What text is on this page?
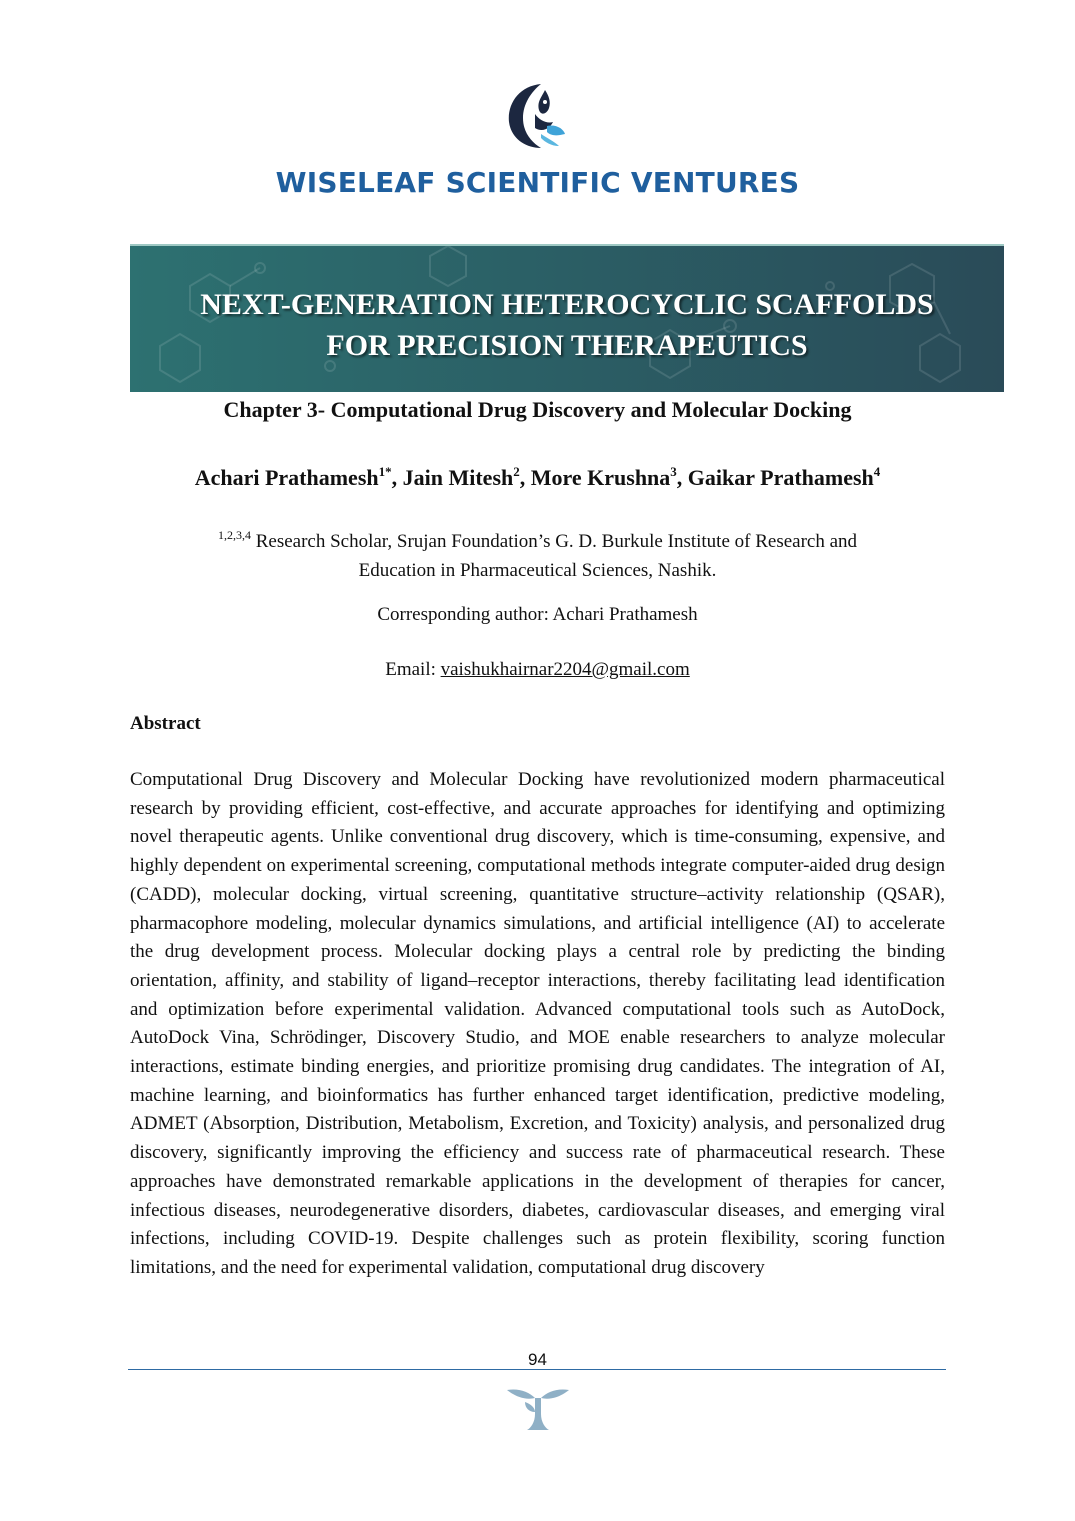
WISELEAF SCIENTIFIC VENTURES
NEXT-GENERATION HETEROCYCLIC SCAFFOLDS
FOR PRECISION THERAPEUTICS
Chapter 3- Computational Drug Discovery and Molecular Docking
Achari Prathamesh$^{1*}$, Jain Mitesh$^2$, More Krushna$^3$, Gaikar Prathamesh$^4$
$^{1,2,3,4}$ Research Scholar, Srujan Foundation’s G. D. Burkule Institute of Research and
Education in Pharmaceutical Sciences, Nashik.
Corresponding author: Achari Prathamesh
Email: vaishukhairnar2204@gmail.com
Abstract

Computational Drug Discovery and Molecular Docking have revolutionized modern pharmaceutical research by providing efficient, cost-effective, and accurate approaches for identifying and optimizing novel therapeutic agents. Unlike conventional drug discovery, which is time-consuming, expensive, and highly dependent on experimental screening, computational methods integrate computer-aided drug design (CADD), molecular docking, virtual screening, quantitative structure–activity relationship (QSAR), pharmacophore modeling, molecular dynamics simulations, and artificial intelligence (AI) to accelerate the drug development process. Molecular docking plays a central role by predicting the binding orientation, affinity, and stability of ligand–receptor interactions, thereby facilitating lead identification and optimization before experimental validation. Advanced computational tools such as AutoDock, AutoDock Vina, Schrödinger, Discovery Studio, and MOE enable researchers to analyze molecular interactions, estimate binding energies, and prioritize promising drug candidates. The integration of AI, machine learning, and bioinformatics has further enhanced target identification, predictive modeling, ADMET (Absorption, Distribution, Metabolism, Excretion, and Toxicity) analysis, and personalized drug discovery, significantly improving the efficiency and success rate of pharmaceutical research. These approaches have demonstrated remarkable applications in the development of therapies for cancer, infectious diseases, neurodegenerative disorders, diabetes, cardiovascular diseases, and emerging viral infections, including COVID-19. Despite challenges such as protein flexibility, scoring function limitations, and the need for experimental validation, computational drug discovery

94
